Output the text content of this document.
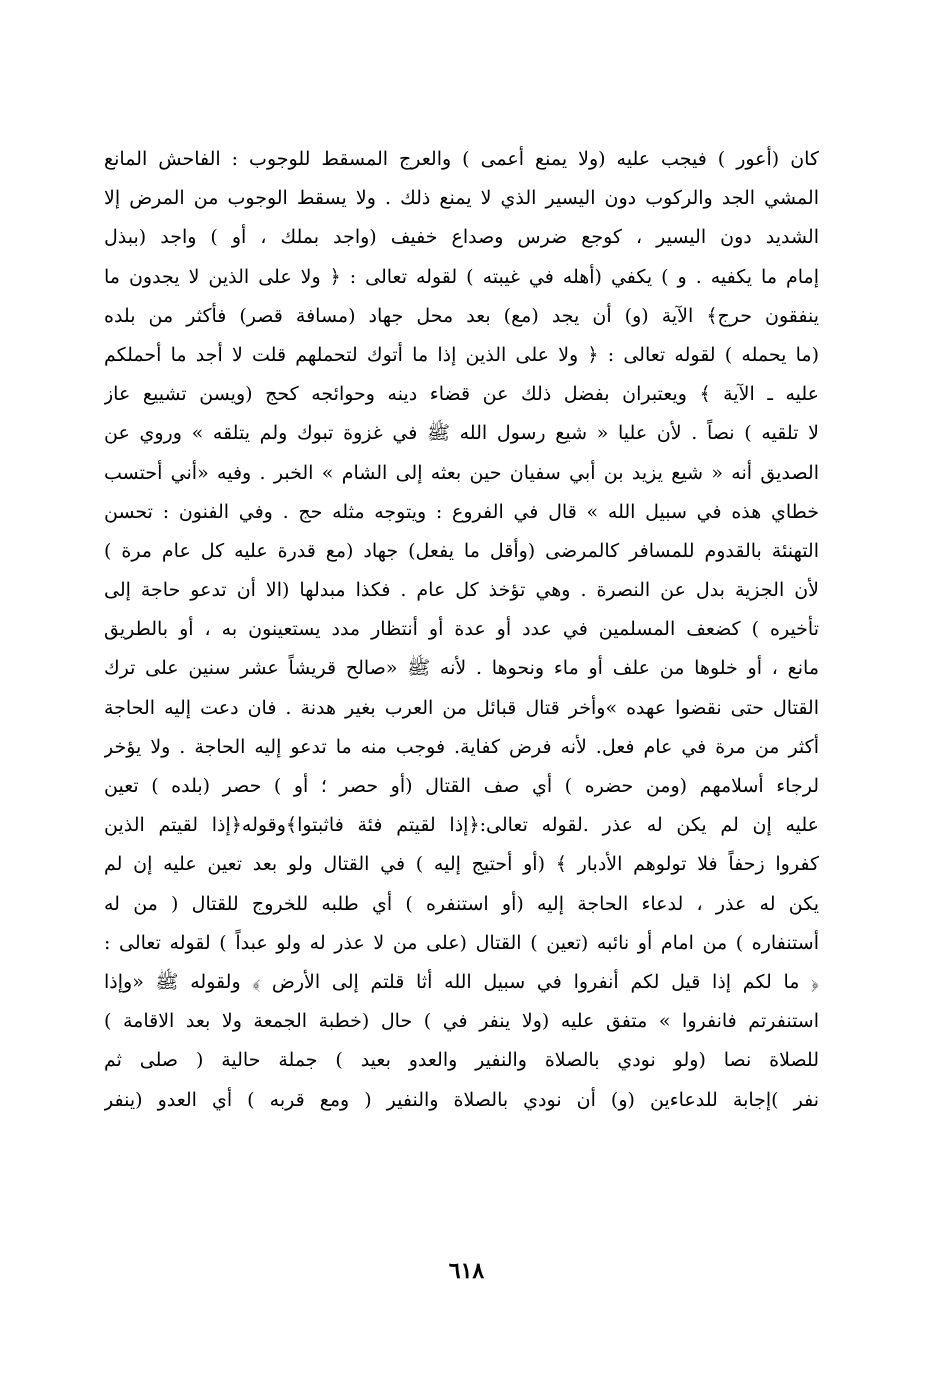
كان (أعور ) فيجب عليه (ولا يمنع أعمى ) والعرج المسقط للوجوب : الفاحش المانع
المشي الجد والركوب دون اليسير الذي لا يمنع ذلك . ولا يسقط الوجوب من المرض إلا
الشديد دون اليسير ، كوجع ضرس وصداع خفيف (واجد بملك ، أو ) واجد (ببذل
إمام ما يكفيه . و ) يكفي (أهله في غيبته ) لقوله تعالى : ﴿ ولا على الذين لا يجدون ما
ينفقون حرج﴾ الآية (و) أن يجد (مع) بعد محل جهاد (مسافة قصر) فأكثر من بلده
(ما يحمله ) لقوله تعالى : ﴿ ولا على الذين إذا ما أتوك لتحملهم قلت لا أجد ما أحملكم
عليه ـ الآية ﴾ ويعتبران بفضل ذلك عن قضاء دينه وحوائجه كحج (ويسن تشييع عاز
لا تلقيه ) نصاً . لأن عليا « شيع رسول الله ﷺ في غزوة تبوك ولم يتلقه » وروي عن
الصديق أنه « شيع يزيد بن أبي سفيان حين بعثه إلى الشام » الخبر . وفيه «أني أحتسب
خطاي هذه في سبيل الله » قال في الفروع : ويتوجه مثله حج . وفي الفنون : تحسن
التهنئة بالقدوم للمسافر كالمرضى (وأقل ما يفعل) جهاد (مع قدرة عليه كل عام مرة )
لأن الجزية بدل عن النصرة . وهي تؤخذ كل عام . فكذا مبدلها (الا أن تدعو حاجة إلى
تأخيره ) كضعف المسلمين في عدد أو عدة أو أنتظار مدد يستعينون به ، أو بالطريق
مانع ، أو خلوها من علف أو ماء ونحوها . لأنه ﷺ «صالح قريشاً عشر سنين على ترك
القتال حتى نقضوا عهده »وأخر قتال قبائل من العرب بغير هدنة . فان دعت إليه الحاجة
أكثر من مرة في عام فعل. لأنه فرض كفاية. فوجب منه ما تدعو إليه الحاجة . ولا يؤخر
لرجاء أسلامهم (ومن حضره ) أي صف القتال (أو حصر ؛ أو ) حصر (بلده ) تعين
عليه إن لم يكن له عذر .لقوله تعالى:﴿إذا لقيتم فئة فاثبتوا﴾وقوله﴿إذا لقيتم الذين
كفروا زحفاً فلا تولوهم الأدبار ﴾ (أو أحتيج إليه ) في القتال ولو بعد تعين عليه إن لم
يكن له عذر ، لدعاء الحاجة إليه (أو استنفره ) أي طلبه للخروج للقتال ( من له
أستنفاره ) من امام أو نائبه (تعين ) القتال (على من لا عذر له ولو عبداً ) لقوله تعالى :
﴿ ما لكم إذا قيل لكم أنفروا في سبيل الله أثا قلتم إلى الأرض ﴾ ولقوله ﷺ «وإذا
استنفرتم فانفروا » متفق عليه (ولا ينفر في ) حال (خطبة الجمعة ولا بعد الاقامة )
للصلاة نصا (ولو نودي بالصلاة والنفير والعدو بعيد ) جملة حالية ( صلى ثم
نفر )إجابة للدعاءين (و) أن نودي بالصلاة والنفير ( ومع قربه ) أي العدو (ينفر
٦١٨
